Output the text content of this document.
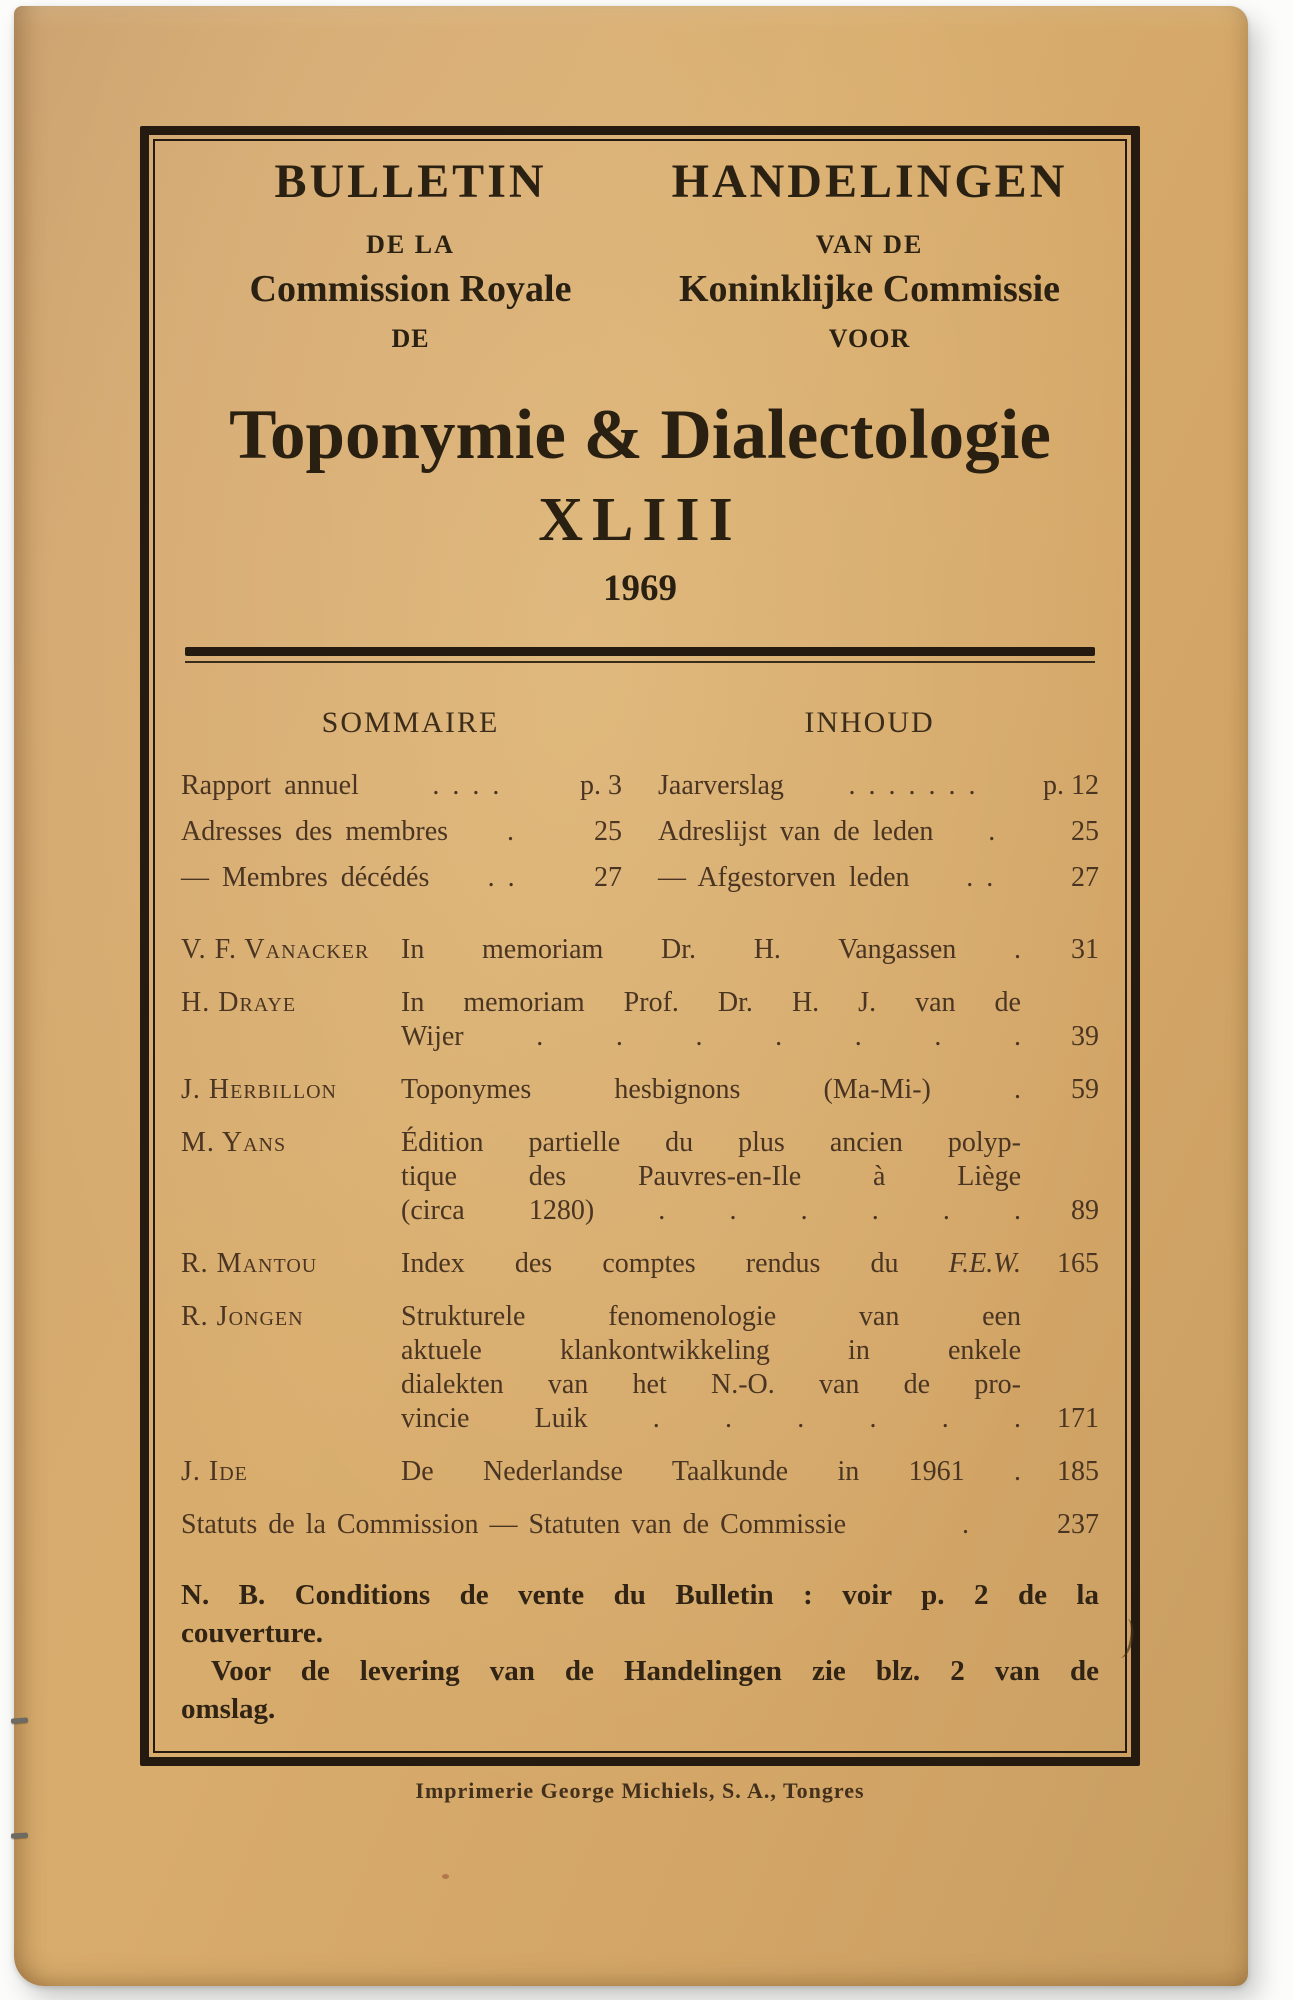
BULLETIN
DE LA
Commission Royale
DE
HANDELINGEN
VAN DE
Koninklijke Commissie
VOOR
Toponymie & Dialectologie
XLIII
1969
SOMMAIRE	INHOUD
Rapport annuel	. . . .	p. 3
Adresses des membres	.	25
— Membres décédés	. .	27
Jaarverslag	. . . . . . .	p. 12
Adreslijst van de leden	.	25
— Afgestorven leden	. .	27
V. F. Vanacker	In memoriam Dr. H. Vangassen .	31
H. Draye	In memoriam Prof. Dr. H. J. van de
Wijer . . . . . . .	39
J. Herbillon	Toponymes hesbignons (Ma-Mi-) .	59
M. Yans	Édition partielle du plus ancien polyp-
tique des Pauvres-en-Ile à Liège
(circa 1280) . . . . . .	89
R. Mantou	Index des comptes rendus du F.E.W.	165
R. Jongen	Strukturele fenomenologie van een
aktuele klankontwikkeling in enkele
dialekten van het N.-O. van de pro-
vincie Luik . . . . . .	171
J. Ide	De Nederlandse Taalkunde in 1961 .	185
Statuts de la Commission — Statuten van de Commissie	.	237
N. B. Conditions de vente du Bulletin : voir p. 2 de la
couverture.
Voor de levering van de Handelingen zie blz. 2 van de
omslag.
Imprimerie George Michiels, S. A., Tongres
